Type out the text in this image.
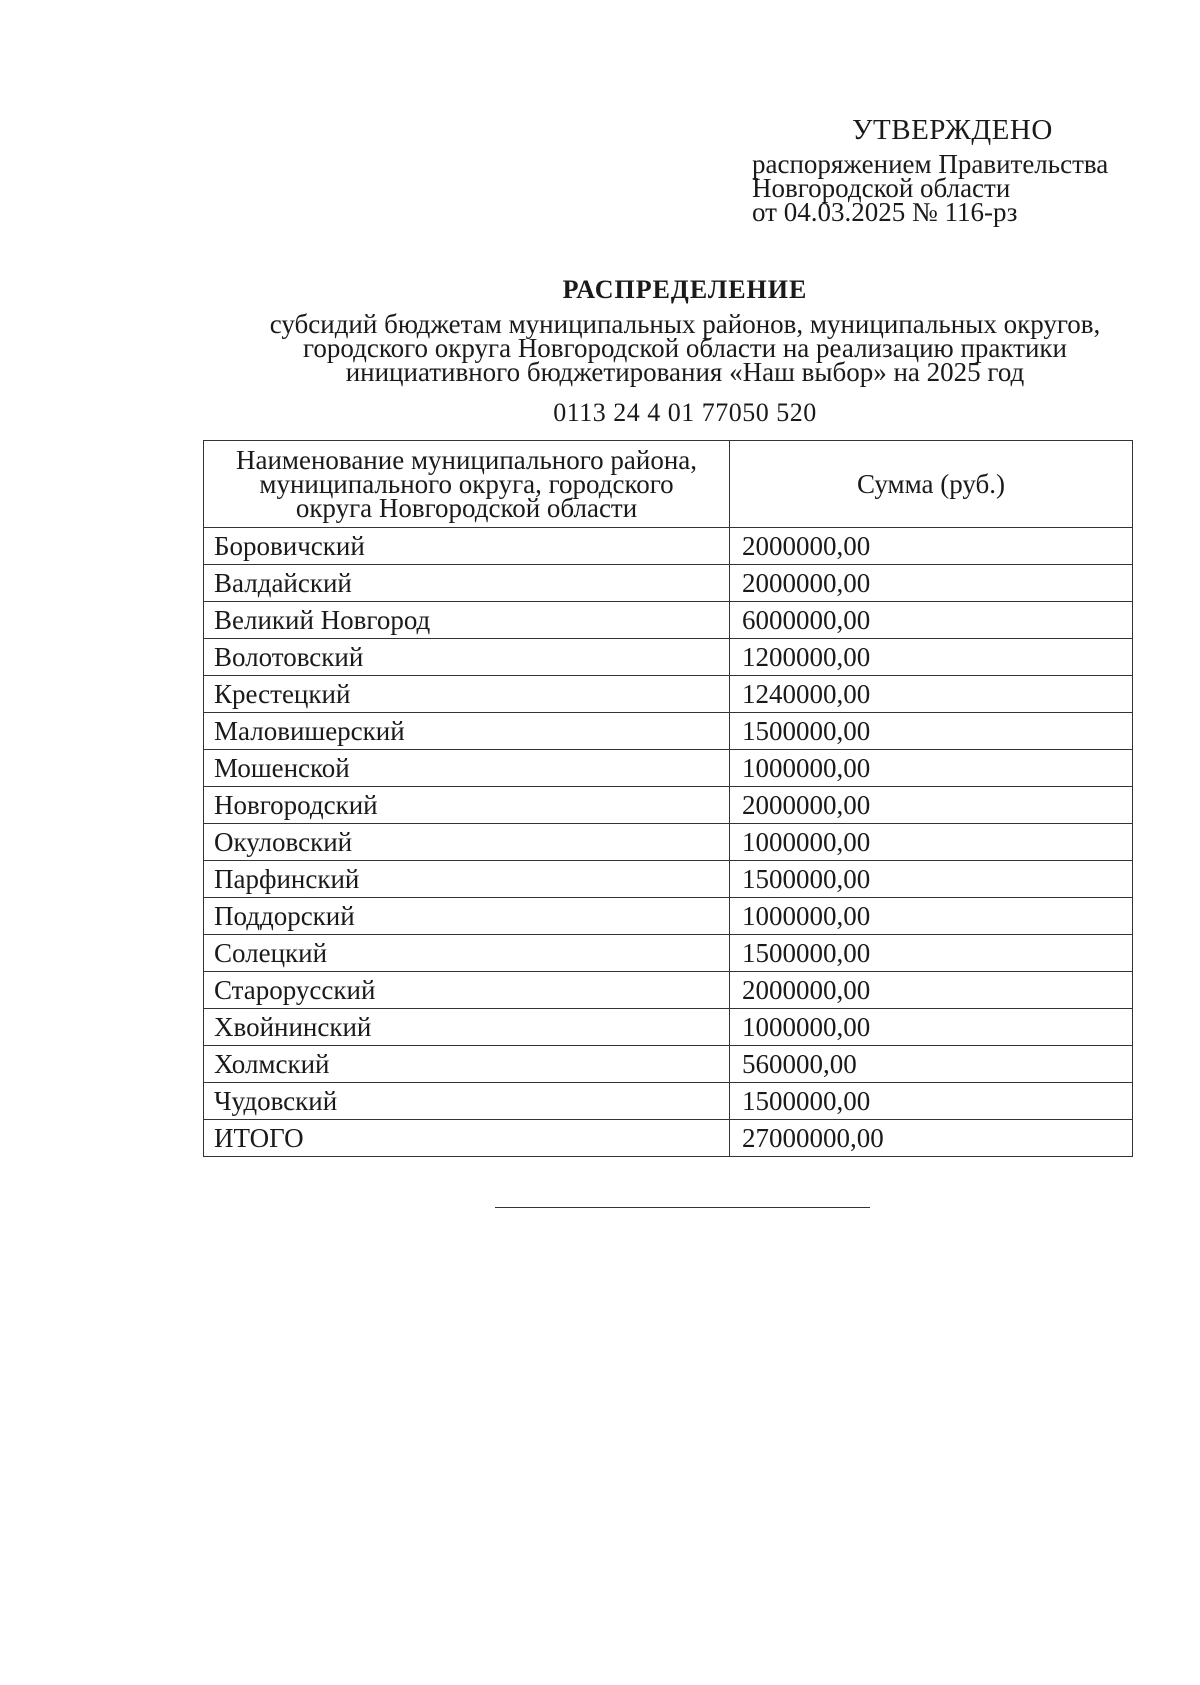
УТВЕРЖДЕНО
распоряжением Правительства
Новгородской области
от 04.03.2025 № 116-рз
РАСПРЕДЕЛЕНИЕ
субсидий бюджетам муниципальных районов, муниципальных округов,
городского округа Новгородской области на реализацию практики
инициативного бюджетирования «Наш выбор» на 2025 год
0113 24 4 01 77050 520
Наименование муниципального района,
муниципального округа, городского
округа Новгородской области	Сумма (руб.)
Боровичский	2000000,00
Валдайский	2000000,00
Великий Новгород	6000000,00
Волотовский	1200000,00
Крестецкий	1240000,00
Маловишерский	1500000,00
Мошенской	1000000,00
Новгородский	2000000,00
Окуловский	1000000,00
Парфинский	1500000,00
Поддорский	1000000,00
Солецкий	1500000,00
Старорусский	2000000,00
Хвойнинский	1000000,00
Холмский	560000,00
Чудовский	1500000,00
ИТОГО	27000000,00
